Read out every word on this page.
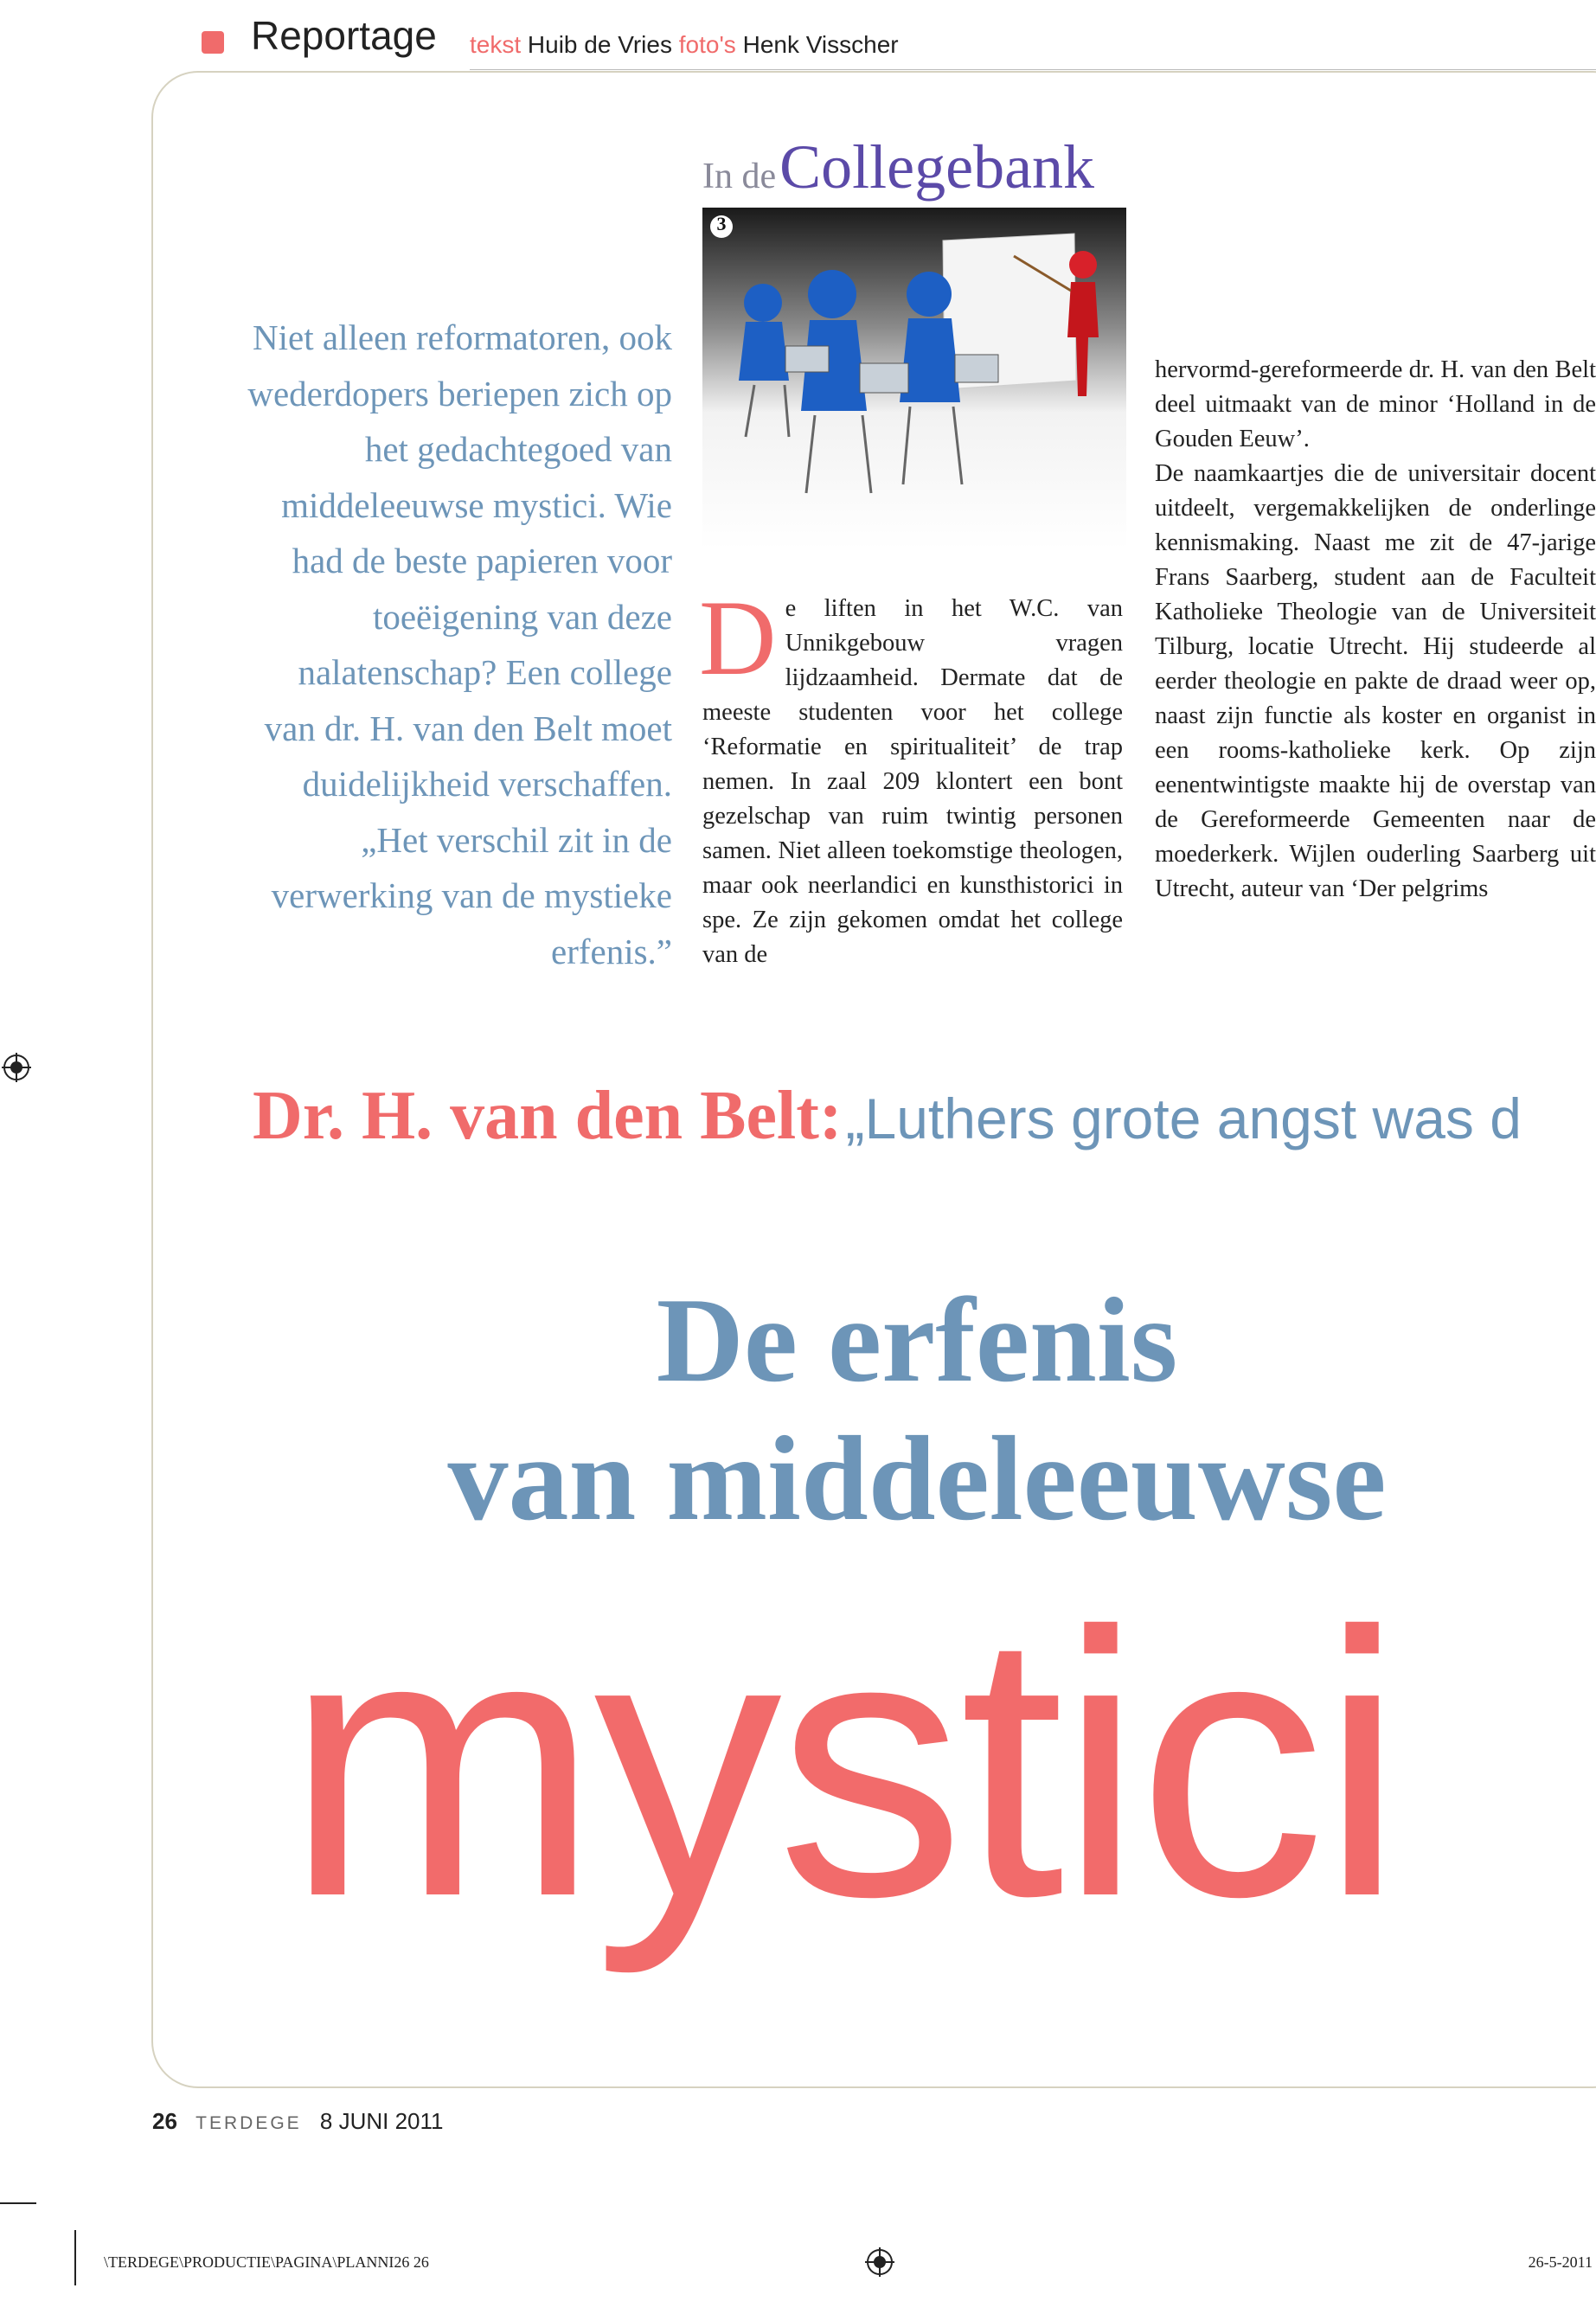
Reportage tekst Huib de Vries foto's Henk Visscher
In de Collegebank
3
Niet alleen reformatoren, ook wederdopers beriepen zich op het gedachtegoed van middeleeuwse mystici. Wie had de beste papieren voor toeëigening van deze nalatenschap? Een college van dr. H. van den Belt moet duidelijkheid verschaffen. „Het verschil zit in de verwerking van de mystieke erfenis.”
D e liften in het W.C. van Unnikgebouw vragen lijdzaamheid. Dermate dat de meeste studenten voor het college ‘Reformatie en spiritualiteit’ de trap nemen. In zaal 209 klontert een bont gezelschap van ruim twintig personen samen. Niet alleen toekomstige theologen, maar ook neerlandici en kunsthistorici in spe. Ze zijn gekomen omdat het college van de
hervormd-gereformeerde dr. H. van den Belt deel uitmaakt van de minor ‘Holland in de Gouden Eeuw’.
De naamkaartjes die de universitair docent uitdeelt, vergemakkelijken de onderlinge kennismaking. Naast me zit de 47-jarige Frans Saarberg, student aan de Faculteit Katholieke Theologie van de Universiteit Tilburg, locatie Utrecht. Hij studeerde al eerder theologie en pakte de draad weer op, naast zijn functie als koster en organist in een rooms-katholieke kerk. Op zijn eenentwintigste maakte hij de overstap van de Gereformeerde Gemeenten naar de moederkerk. Wijlen ouderling Saarberg uit Utrecht, auteur van ‘Der pelgrims
Dr. H. van den Belt: „Luthers grote angst was d
De erfenis
van middeleeuwse
mystici
26 TERDEGE 8 JUNI 2011
\TERDEGE\PRODUCTIE\PAGINA\PLANNI26 26	26-5-2011
